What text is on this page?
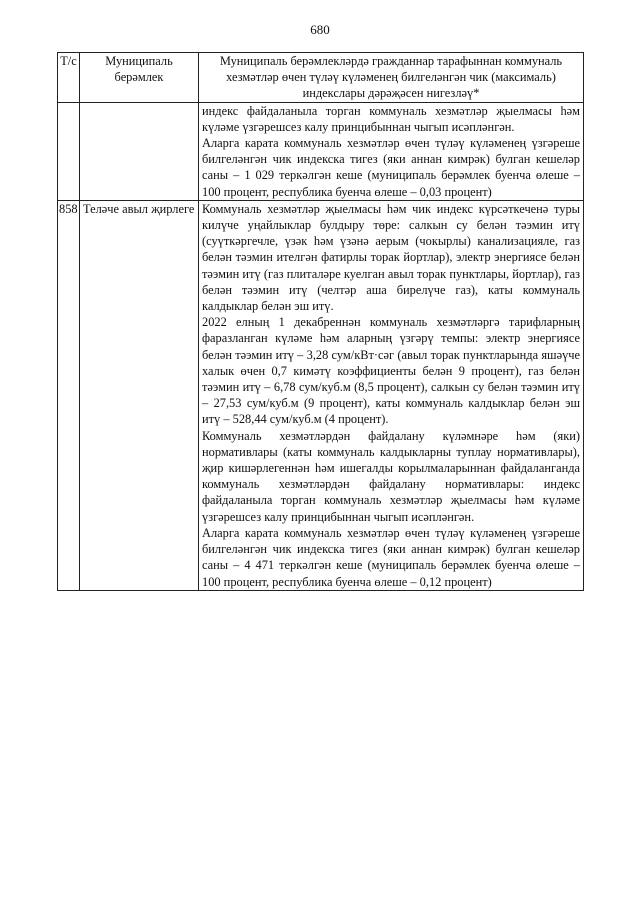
680
Т/с	Муниципаль берәмлек	Муниципаль берәмлекләрдә гражданнар тарафыннан коммуналь хезмәтләр өчен түләү күләменең билгеләнгән чик (максималь) индекслары дәрәҗәсен нигезләү*

		индекс файдаланыла торган коммуналь хезмәтләр җыелмасы һәм күләме үзгәрешсез калу принцибыннан чыгып исәпләнгән.

Аларга карата коммуналь хезмәтләр өчен түләү күләменең үзгәреше билгеләнгән чик индекска тигез (яки аннан кимрәк) булган кешеләр саны – 1 029 теркәлгән кеше (муниципаль берәмлек буенча өлеше – 100 процент, республика буенча өлеше – 0,03 процент)

858	Теләче авыл җирлеге	Коммуналь хезмәтләр җыелмасы һәм чик индекс күрсәткеченә туры килүче уңайлыклар булдыру төре: салкын су белән тәэмин итү (суүткәргечле, үзәк һәм үзәнә аерым (чокырлы) канализацияле, газ белән тәэмин ителгән фатирлы торак йортлар), электр энергиясе белән тәэмин итү (газ плиталәре куелган авыл торак пунктлары, йортлар), газ белән тәэмин итү (челтәр аша бирелүче газ), каты коммуналь калдыклар белән эш итү.

2022 елның 1 декабреннән коммуналь хезмәтләргә тарифларның фаразланган күләме һәм аларның үзгәрү темпы: электр энергиясе белән тәэмин итү – 3,28 сум/кВт·сәг (авыл торак пунктларында яшәүче халык өчен 0,7 кимәтү коэффициенты белән 9 процент), газ белән тәэмин итү – 6,78 сум/куб.м (8,5 процент), салкын су белән тәэмин итү – 27,53 сум/куб.м (9 процент), каты коммуналь калдыклар белән эш итү – 528,44 сум/куб.м (4 процент).

Коммуналь хезмәтләрдән файдалану күләмнәре һәм (яки) нормативлары (каты коммуналь калдыкларны туплау нормативлары), җир кишәрлегеннән һәм ишегалды корылмаларыннан файдаланганда коммуналь хезмәтләрдән файдалану нормативлары: индекс файдаланыла торган коммуналь хезмәтләр җыелмасы һәм күләме үзгәрешсез калу принцибыннан чыгып исәпләнгән.

Аларга карата коммуналь хезмәтләр өчен түләү күләменең үзгәреше билгеләнгән чик индекска тигез (яки аннан кимрәк) булган кешеләр саны – 4 471 теркәлгән кеше (муниципаль берәмлек буенча өлеше – 100 процент, республика буенча өлеше – 0,12 процент)
